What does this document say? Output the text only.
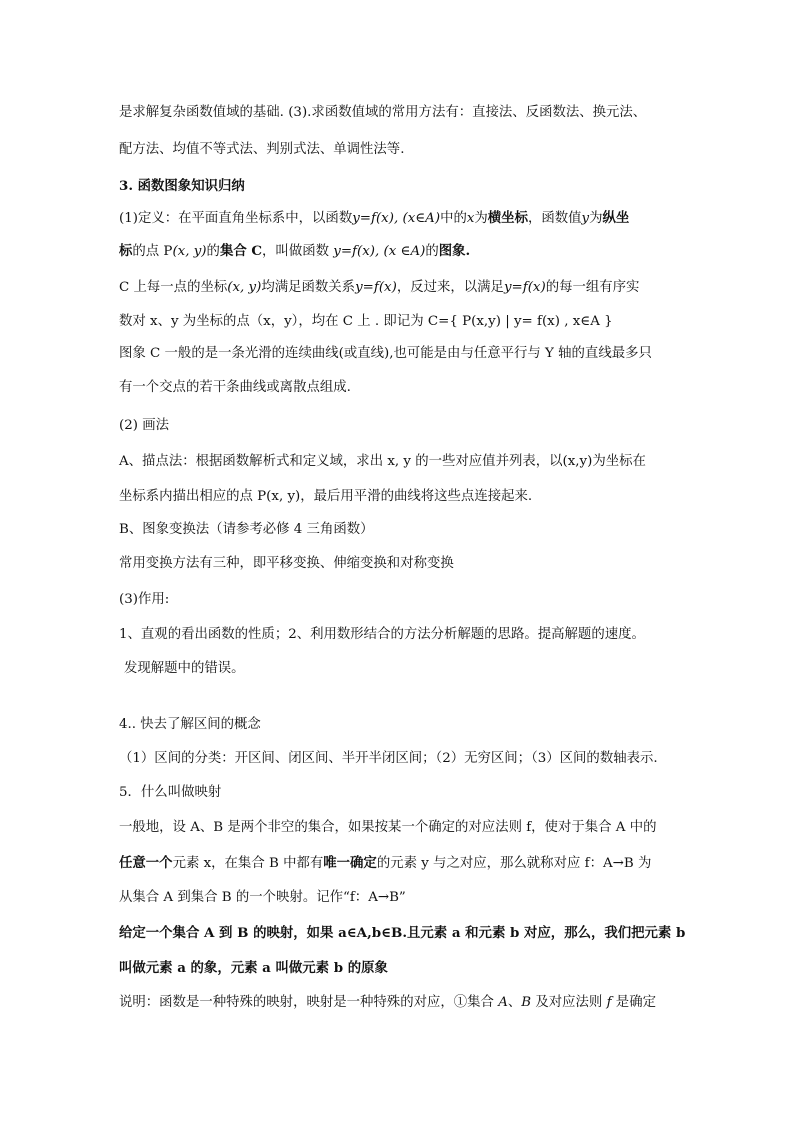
是求解复杂函数值域的基础. (3).求函数值域的常用方法有：直接法、反函数法、换元法、
配方法、均值不等式法、判别式法、单调性法等.
3. 函数图象知识归纳
(1)定义：在平面直角坐标系中，以函数y=f(x), (x∈A)中的x为横坐标，函数值y为纵坐
标的点 P(x, y)的集合 C，叫做函数 y=f(x), (x ∈A)的图象.
C 上每一点的坐标(x, y)均满足函数关系y=f(x)，反过来，以满足y=f(x)的每一组有序实
数对 x、y 为坐标的点（x，y），均在 C 上 . 即记为 C={ P(x,y) | y= f(x) , x∈A }
图象 C 一般的是一条光滑的连续曲线(或直线),也可能是由与任意平行与 Y 轴的直线最多只
有一个交点的若干条曲线或离散点组成.
(2) 画法
A、描点法：根据函数解析式和定义域，求出 x, y 的一些对应值并列表，以(x,y)为坐标在
坐标系内描出相应的点 P(x, y)，最后用平滑的曲线将这些点连接起来.
B、图象变换法（请参考必修 4 三角函数）
常用变换方法有三种，即平移变换、伸缩变换和对称变换
(3)作用:
1、直观的看出函数的性质；2、利用数形结合的方法分析解题的思路。提高解题的速度。
发现解题中的错误。
4.. 快去了解区间的概念
（1）区间的分类：开区间、闭区间、半开半闭区间；（2）无穷区间；（3）区间的数轴表示.
5．什么叫做映射
一般地，设 A、B 是两个非空的集合，如果按某一个确定的对应法则 f，使对于集合 A 中的
任意一个元素 x，在集合 B 中都有唯一确定的元素 y 与之对应，那么就称对应 f：A→B 为
从集合 A 到集合 B 的一个映射。记作“f：A→B”
给定一个集合 A 到 B 的映射，如果 a∈A,b∈B.且元素 a 和元素 b 对应，那么，我们把元素 b
叫做元素 a 的象，元素 a 叫做元素 b 的原象
说明：函数是一种特殊的映射，映射是一种特殊的对应，①集合 A、B 及对应法则 f 是确定
